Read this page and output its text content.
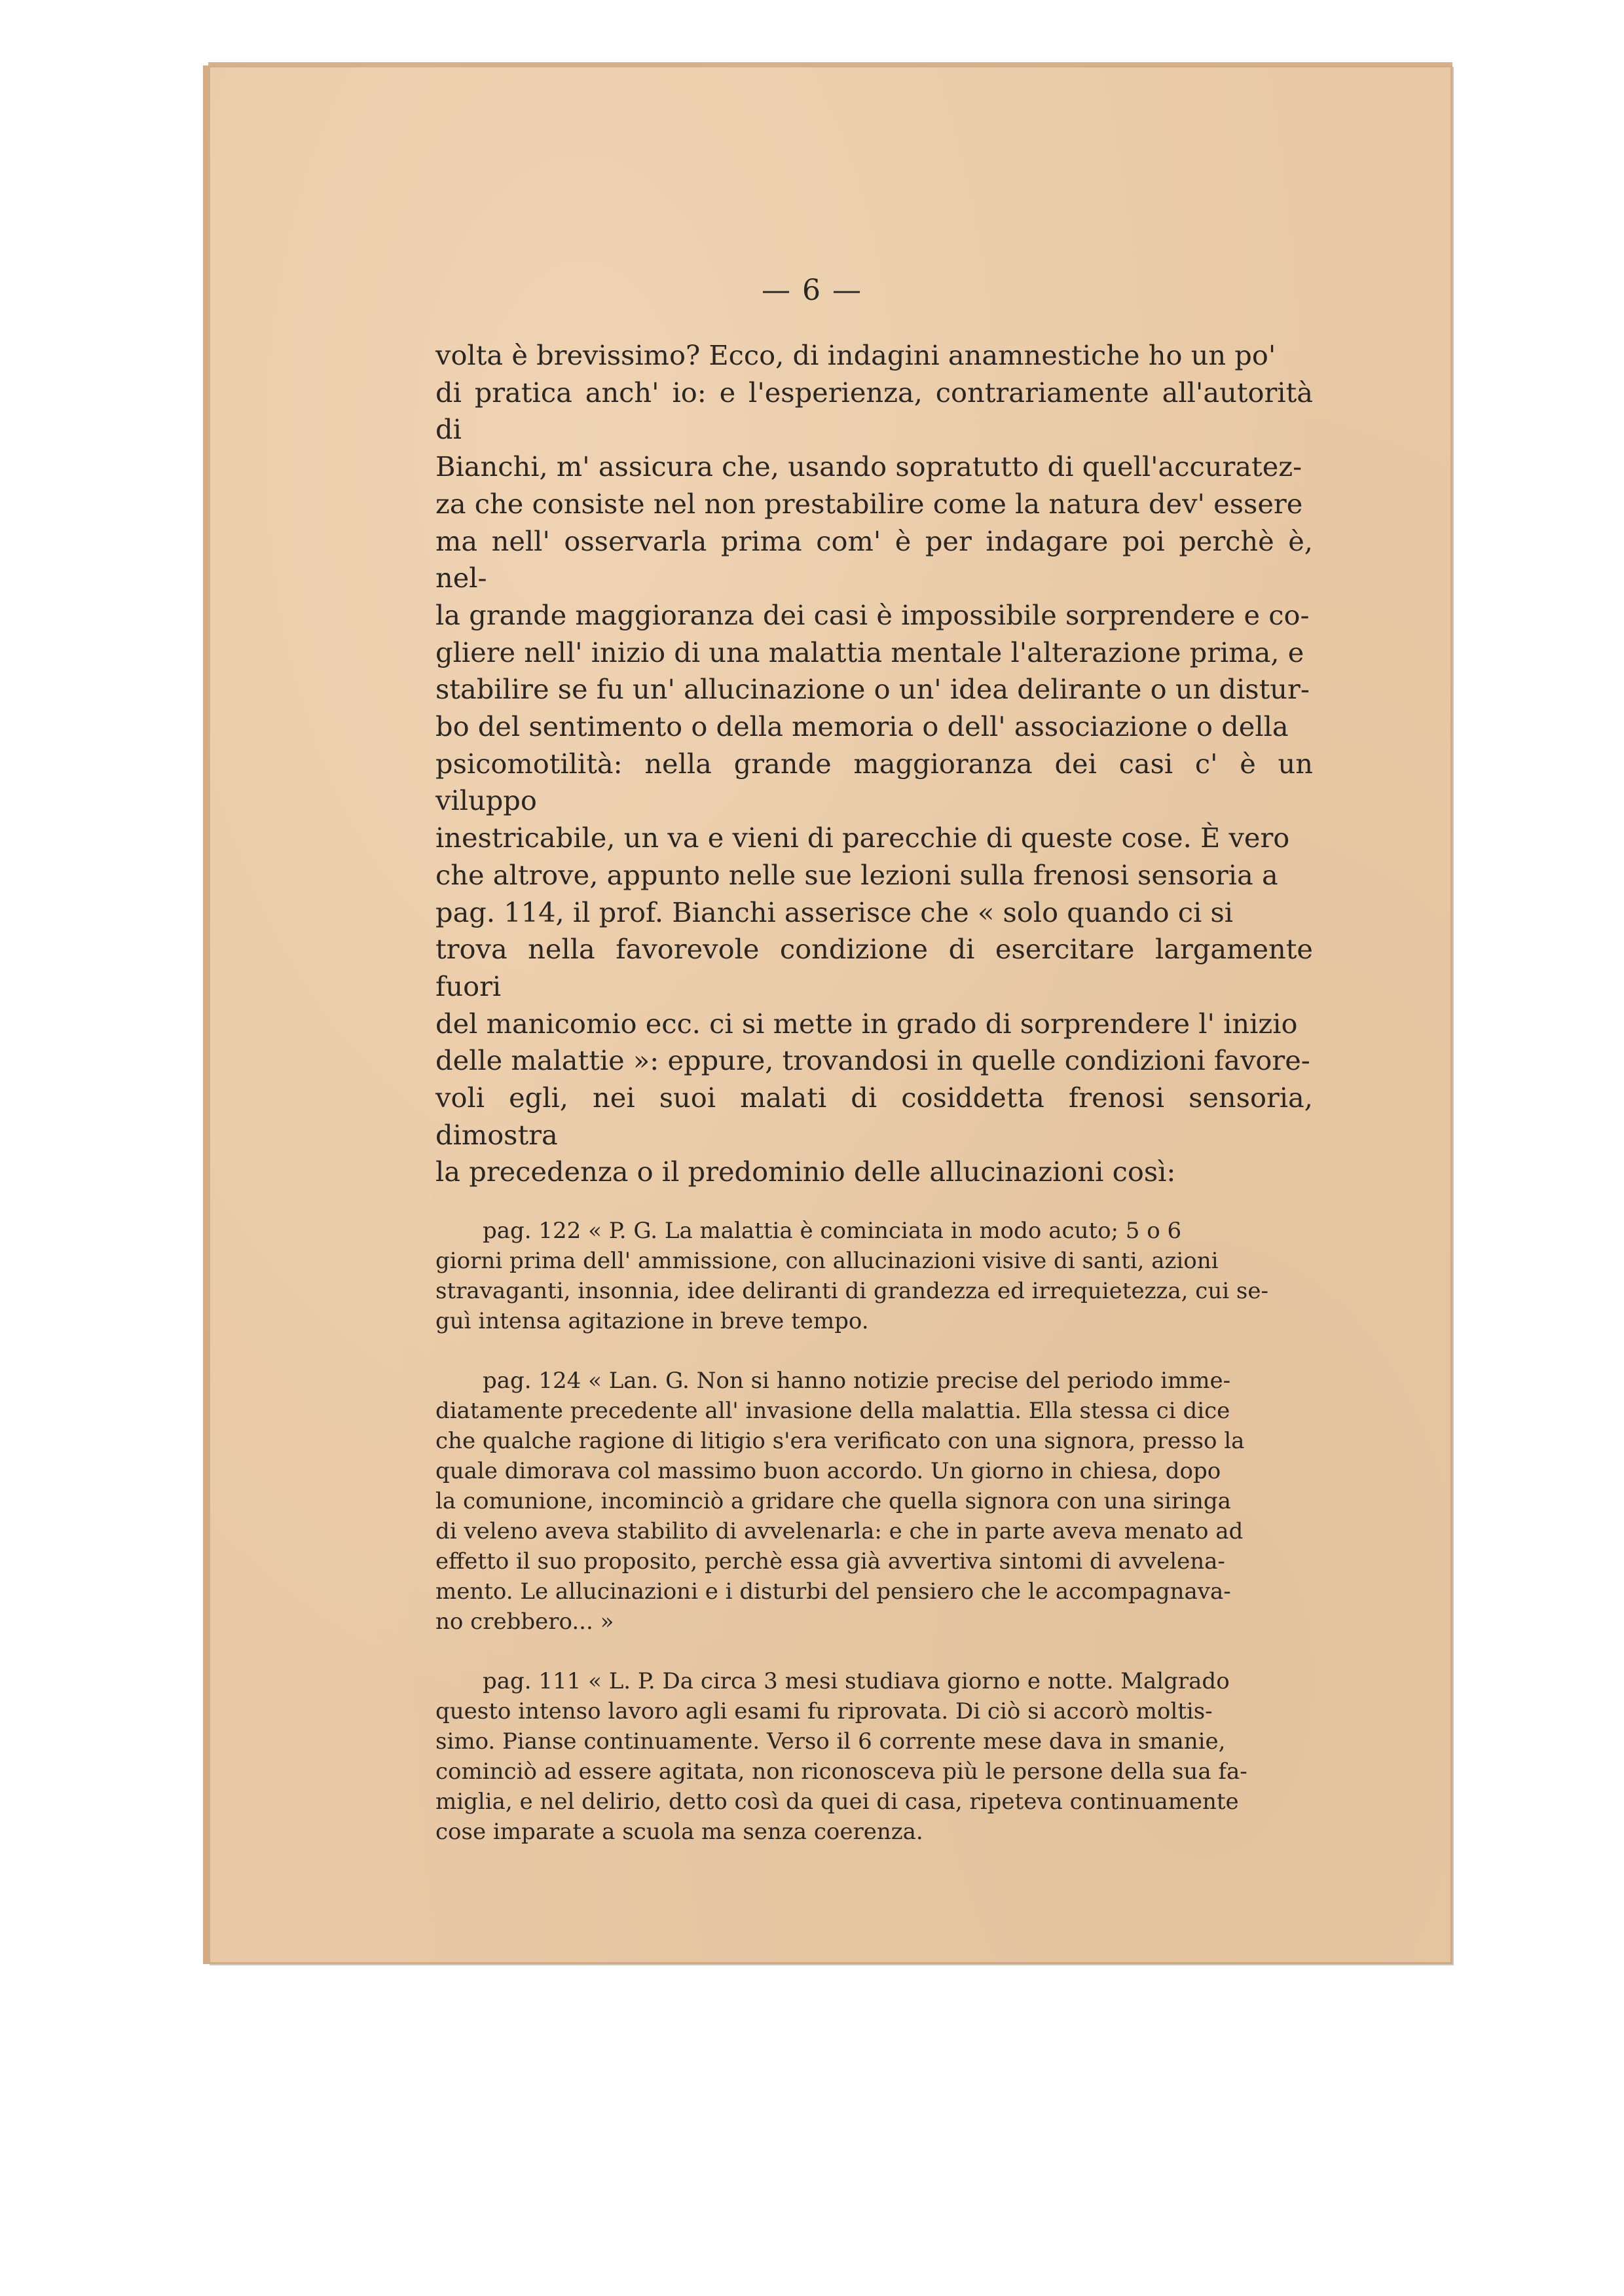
— 6 —

volta è brevissimo? Ecco, di indagini anamnestiche ho un po'

di pratica anch' io: e l'esperienza, contrariamente all'autorità di

Bianchi, m' assicura che, usando sopratutto di quell'accuratez-

za che consiste nel non prestabilire come la natura dev' essere

ma nell' osservarla prima com' è per indagare poi perchè è, nel-

la grande maggioranza dei casi è impossibile sorprendere e co-

gliere nell' inizio di una malattia mentale l'alterazione prima, e

stabilire se fu un' allucinazione o un' idea delirante o un distur-

bo del sentimento o della memoria o dell' associazione o della

psicomotilità: nella grande maggioranza dei casi c' è un viluppo

inestricabile, un va e vieni di parecchie di queste cose. È vero

che altrove, appunto nelle sue lezioni sulla frenosi sensoria a

pag. 114, il prof. Bianchi asserisce che « solo quando ci si

trova nella favorevole condizione di esercitare largamente fuori

del manicomio ecc. ci si mette in grado di sorprendere l' inizio

delle malattie »: eppure, trovandosi in quelle condizioni favore-

voli egli, nei suoi malati di cosiddetta frenosi sensoria, dimostra

la precedenza o il predominio delle allucinazioni così:

pag. 122 « P. G. La malattia è cominciata in modo acuto; 5 o 6

giorni prima dell' ammissione, con allucinazioni visive di santi, azioni

stravaganti, insonnia, idee deliranti di grandezza ed irrequietezza, cui se-

guì intensa agitazione in breve tempo.

pag. 124 « Lan. G. Non si hanno notizie precise del periodo imme-

diatamente precedente all' invasione della malattia. Ella stessa ci dice

che qualche ragione di litigio s'era verificato con una signora, presso la

quale dimorava col massimo buon accordo. Un giorno in chiesa, dopo

la comunione, incominciò a gridare che quella signora con una siringa

di veleno aveva stabilito di avvelenarla: e che in parte aveva menato ad

effetto il suo proposito, perchè essa già avvertiva sintomi di avvelena-

mento. Le allucinazioni e i disturbi del pensiero che le accompagnava-

no crebbero... »

pag. 111 « L. P. Da circa 3 mesi studiava giorno e notte. Malgrado

questo intenso lavoro agli esami fu riprovata. Di ciò si accorò moltis-

simo. Pianse continuamente. Verso il 6 corrente mese dava in smanie,

cominciò ad essere agitata, non riconosceva più le persone della sua fa-

miglia, e nel delirio, detto così da quei di casa, ripeteva continuamente

cose imparate a scuola ma senza coerenza.
